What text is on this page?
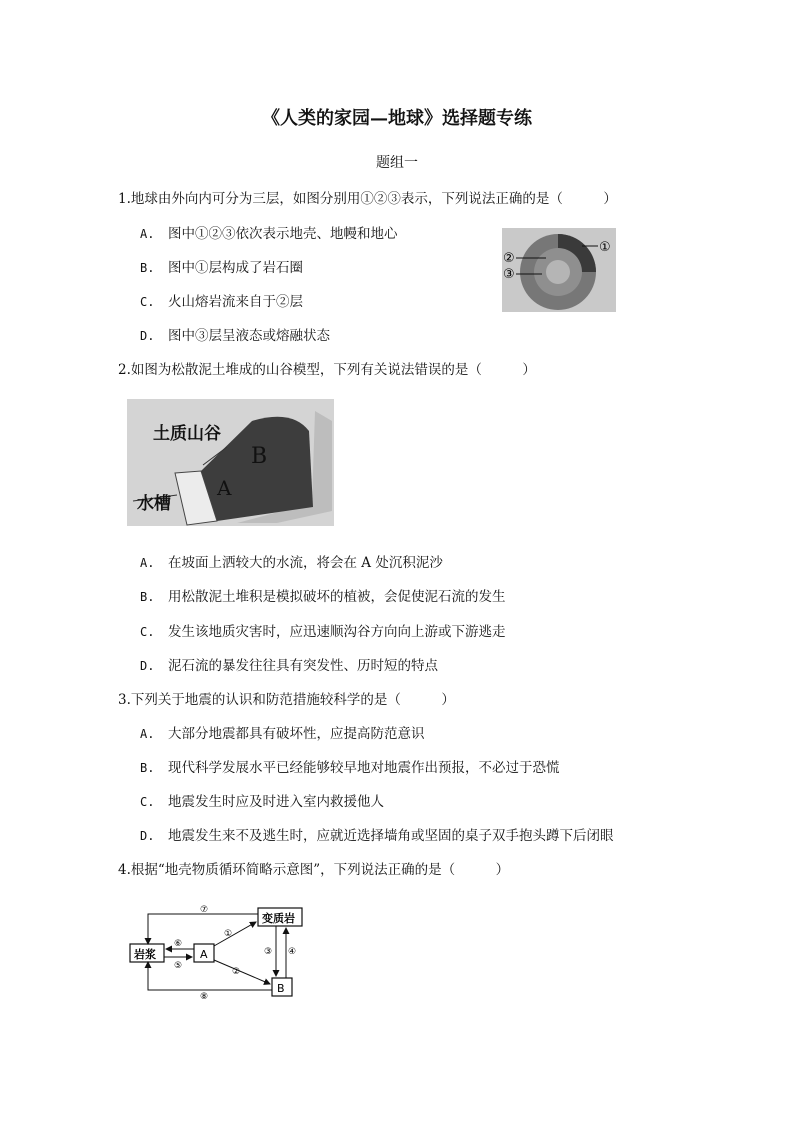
《人类的家园—地球》选择题专练
题组一
1.地球由外向内可分为三层，如图分别用①②③表示，下列说法正确的是（　　　）
A. 图中①②③依次表示地壳、地幔和地心
B. 图中①层构成了岩石圈
C. 火山熔岩流来自于②层
D. 图中③层呈液态或熔融状态
①
②
③
2.如图为松散泥土堆成的山谷模型，下列有关说法错误的是（　　　）
土质山谷
水槽
B
A
A. 在坡面上洒较大的水流，将会在 A 处沉积泥沙
B. 用松散泥土堆积是模拟破坏的植被，会促使泥石流的发生
C. 发生该地质灾害时，应迅速顺沟谷方向向上游或下游逃走
D. 泥石流的暴发往往具有突发性、历时短的特点
3.下列关于地震的认识和防范措施较科学的是（　　　）
A. 大部分地震都具有破坏性，应提高防范意识
B. 现代科学发展水平已经能够较早地对地震作出预报，不必过于恐慌
C. 地震发生时应及时进入室内救援他人
D. 地震发生来不及逃生时，应就近选择墙角或坚固的桌子双手抱头蹲下后闭眼
4.根据“地壳物质循环简略示意图”，下列说法正确的是（　　　）
岩浆	A
变质岩
B
①
②
③ ④
⑤
⑥
⑦
⑧
